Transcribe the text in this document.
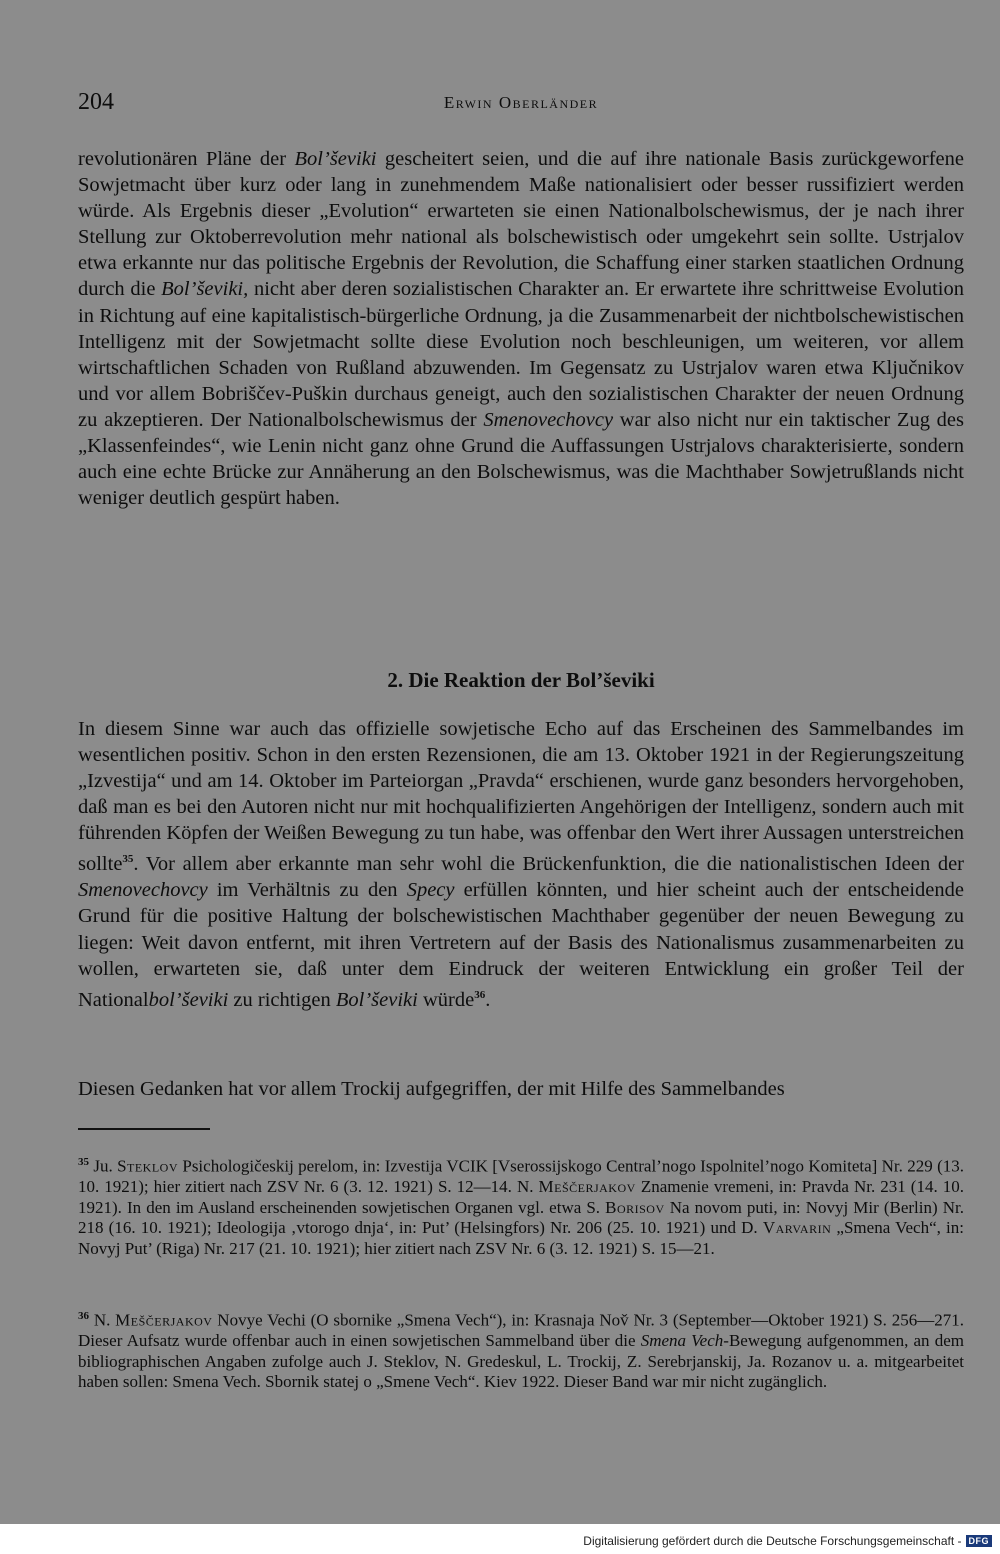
204	Erwin Oberländer

revolutionären Pläne der Bol’ševiki gescheitert seien, und die auf ihre nationale Basis zurückgeworfene Sowjetmacht über kurz oder lang in zunehmendem Maße nationalisiert oder besser russifiziert werden würde. Als Ergebnis dieser „Evolution“ erwarteten sie einen Nationalbolschewismus, der je nach ihrer Stellung zur Oktoberrevolution mehr national als bolschewistisch oder umgekehrt sein sollte. Ustrjalov etwa erkannte nur das politische Ergebnis der Revolution, die Schaffung einer starken staatlichen Ordnung durch die Bol’ševiki, nicht aber deren sozialistischen Charakter an. Er erwartete ihre schrittweise Evolution in Richtung auf eine kapitalistisch-bürgerliche Ordnung, ja die Zusammenarbeit der nichtbolschewistischen Intelligenz mit der Sowjetmacht sollte diese Evolution noch beschleunigen, um weiteren, vor allem wirtschaftlichen Schaden von Rußland abzuwenden. Im Gegensatz zu Ustrjalov waren etwa Ključnikov und vor allem Bobriščev-Puškin durchaus geneigt, auch den sozialistischen Charakter der neuen Ordnung zu akzeptieren. Der Nationalbolschewismus der Smenovechovcy war also nicht nur ein taktischer Zug des „Klassenfeindes“, wie Lenin nicht ganz ohne Grund die Auffassungen Ustrjalovs charakterisierte, sondern auch eine echte Brücke zur Annäherung an den Bolschewismus, was die Machthaber Sowjetrußlands nicht weniger deutlich gespürt haben.

2. Die Reaktion der Bol’ševiki

In diesem Sinne war auch das offizielle sowjetische Echo auf das Erscheinen des Sammelbandes im wesentlichen positiv. Schon in den ersten Rezensionen, die am 13. Oktober 1921 in der Regierungszeitung „Izvestija“ und am 14. Oktober im Parteiorgan „Pravda“ erschienen, wurde ganz besonders hervorgehoben, daß man es bei den Autoren nicht nur mit hochqualifizierten Angehörigen der Intelligenz, sondern auch mit führenden Köpfen der Weißen Bewegung zu tun habe, was offenbar den Wert ihrer Aussagen unterstreichen sollte$^{35}$. Vor allem aber erkannte man sehr wohl die Brückenfunktion, die die nationalistischen Ideen der Smenovechovcy im Verhältnis zu den Specy erfüllen könnten, und hier scheint auch der entscheidende Grund für die positive Haltung der bolschewistischen Machthaber gegenüber der neuen Bewegung zu liegen: Weit davon entfernt, mit ihren Vertretern auf der Basis des Nationalismus zusammenarbeiten zu wollen, erwarteten sie, daß unter dem Eindruck der weiteren Entwicklung ein großer Teil der Nationalbol’ševiki zu richtigen Bol’ševiki würde$^{36}$.

Diesen Gedanken hat vor allem Trockij aufgegriffen, der mit Hilfe des Sammelbandes

$^{35}$ Ju. Steklov Psichologičeskij perelom, in: Izvestija VCIK [Vserossijskogo Central’nogo Ispolnitel’nogo Komiteta] Nr. 229 (13. 10. 1921); hier zitiert nach ZSV Nr. 6 (3. 12. 1921) S. 12—14. N. Meščerjakov Znamenie vremeni, in: Pravda Nr. 231 (14. 10. 1921). In den im Ausland erscheinenden sowjetischen Organen vgl. etwa S. Borisov Na novom puti, in: Novyj Mir (Berlin) Nr. 218 (16. 10. 1921); Ideologija ‚vtorogo dnja‘, in: Put’ (Helsingfors) Nr. 206 (25. 10. 1921) und D. Varvarin „Smena Vech“, in: Novyj Put’ (Riga) Nr. 217 (21. 10. 1921); hier zitiert nach ZSV Nr. 6 (3. 12. 1921) S. 15—21.

$^{36}$ N. Meščerjakov Novye Vechi (O sbornike „Smena Vech“), in: Krasnaja Nov̌ Nr. 3 (September—Oktober 1921) S. 256—271. Dieser Aufsatz wurde offenbar auch in einen sowjetischen Sammelband über die Smena Vech-Bewegung aufgenommen, an dem bibliographischen Angaben zufolge auch J. Steklov, N. Gredeskul, L. Trockij, Z. Serebrjanskij, Ja. Rozanov u. a. mitgearbeitet haben sollen: Smena Vech. Sbornik statej o „Smene Vech“. Kiev 1922. Dieser Band war mir nicht zugänglich.

Digitalisierung gefördert durch die Deutsche Forschungsgemeinschaft - DFG
